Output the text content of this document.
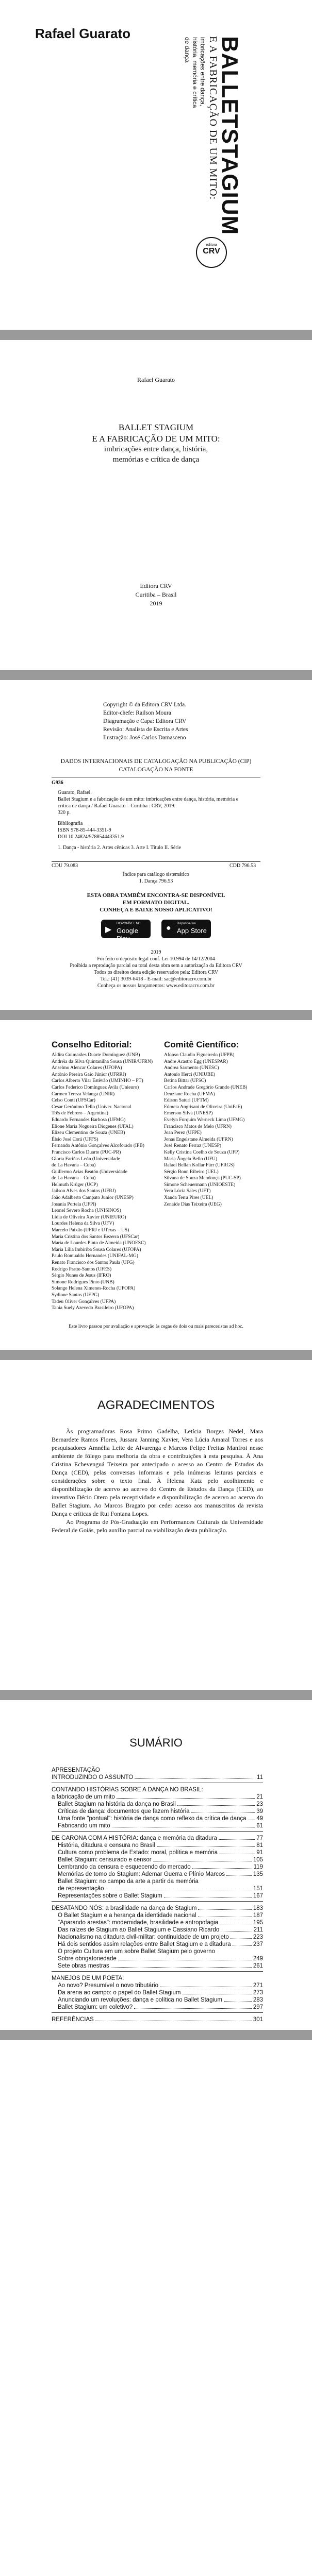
Rafael Guarato
BALLETSTAGIUM
E A FABRICAÇÃO DE UM MITO:
imbricações entre dança,
história, memória e crítica
de dança
editora
CRV
Rafael Guarato
BALLET STAGIUM
E A FABRICAÇÃO DE UM MITO:
imbricações entre dança, história,
memórias e crítica de dança
Editora CRV
Curitiba – Brasil
2019
Copyright © da Editora CRV Ltda.
Editor-chefe: Railson Moura
Diagramação e Capa: Editora CRV
Revisão: Analista de Escrita e Artes
Ilustração: José Carlos Damasceno
DADOS INTERNACIONAIS DE CATALOGAÇÃO NA PUBLICAÇÃO (CIP)
CATALOGAÇÃO NA FONTE
G936
Guarato, Rafael.
Ballet Stagium e a fabricação de um mito: imbricações entre dança, história, memória e
crítica de dança / Rafael Guarato – Curitiba : CRV, 2019.
320 p.
Bibliografia
ISBN 978-85-444-3351-9
DOI 10.24824/978854443351.9
1. Dança - história 2. Artes cênicas 3. Arte I. Título II. Série
CDU 79.083	CDD 796.53
Índice para catálogo sistemático
1. Dança 796.53
ESTA OBRA TAMBÉM ENCONTRA-SE DISPONÍVEL
EM FORMATO DIGITAL.
CONHEÇA E BAIXE NOSSO APLICATIVO!
▶
DISPONÍVEL NO
Google Play
● Disponível na
App Store
2019
Foi feito o depósito legal conf. Lei 10.994 de 14/12/2004
Proibida a reprodução parcial ou total desta obra sem a autorização da Editora CRV
Todos os direitos desta edição reservados pela: Editora CRV
Tel.: (41) 3039-6418 - E-mail: sac@editoracrv.com.br
Conheça os nossos lançamentos: www.editoracrv.com.br
Conselho Editorial:
Aldira Guimarães Duarte Domínguez (UNB)
Andréia da Silva Quintanilha Sousa (UNIR/UFRN)
Anselmo Alencar Colares (UFOPA)
Antônio Pereira Gaio Júnior (UFRRJ)
Carlos Alberto Vilar Estêvão (UMINHO – PT)
Carlos Federico Domínguez Avila (Unieuro)
Carmen Tereza Velanga (UNIR)
Celso Conti (UFSCar)
Cesar Gerónimo Tello (Univer. Nacional
Três de Febrero – Argentina)
Eduardo Fernandes Barbosa (UFMG)
Elione Maria Nogueira Diogenes (UFAL)
Elizeu Clementino de Souza (UNEB)
Élsio José Corá (UFFS)
Fernando Antônio Gonçalves Alcoforado (IPB)
Francisco Carlos Duarte (PUC-PR)
Gloria Fariñas León (Universidade
de La Havana – Cuba)
Guillermo Arias Beatón (Universidade
de La Havana – Cuba)
Helmuth Krüger (UCP)
Jailson Alves dos Santos (UFRJ)
João Adalberto Campato Junior (UNESP)
Josania Portela (UFPI)
Leonel Severo Rocha (UNISINOS)
Lídia de Oliveira Xavier (UNIEURO)
Lourdes Helena da Silva (UFV)
Marcelo Paixão (UFRJ e UTexas – US)
Maria Cristina dos Santos Bezerra (UFSCar)
Maria de Lourdes Pinto de Almeida (UNOESC)
Maria Lília Imbiriba Sousa Colares (UFOPA)
Paulo Romualdo Hernandes (UNIFAL-MG)
Renato Francisco dos Santos Paula (UFG)
Rodrigo Pratte-Santos (UFES)
Sérgio Nunes de Jesus (IFRO)
Simone Rodrigues Pinto (UNB)
Solange Helena Ximenes-Rocha (UFOPA)
Sydione Santos (UEPG)
Tadeu Oliver Gonçalves (UFPA)
Tania Suely Azevedo Brasileiro (UFOPA)
Comitê Científico:
Afonso Claudio Figueiredo (UFPB)
Andre Acastro Egg (UNESPAR)
Andrea Sarmento (UNESC)
Antonio Herci (UNIUBE)
Betina Bittar (UFSC)
Carlos Andrade Gregório Grando (UNEB)
Deuziane Rocha (UFMA)
Edison Saturi (UFTM)
Edmeia Angrisani de Oliveira (UniFaE)
Emerson Silva (UNESP)
Evelyn Furquim Werneck Lima (UFMG)
Francisco Matos de Melo (UFRN)
Joan Perez (UFPE)
Jonas Engelstane Almeida (UFRN)
José Renato Ferraz (UNESP)
Kelly Cristina Coelho de Souza (UFP)
Maria Ângela Bello (UFU)
Rafael Bellan Kollar Fürr (UFRGS)
Sérgio Bonn Ribeiro (UEL)
Silvana de Souza Mendonça (PUC-SP)
Simone Scheuermann (UNIOESTE)
Vera Lúcia Sales (UFT)
Xanda Terra Pires (UEL)
Zenaide Dias Teixeira (UEG)
Este livro passou por avaliação e aprovação às cegas de dois ou mais pareceristas ad hoc.
AGRADECIMENTOS

Às programadoras Rosa Primo Gadelha, Letícia Borges Nedel, Mara Bernardete Ramos Flores, Jussara Janning Xavier, Vera Lúcia Amaral Torres e aos pesquisadores Amnélia Leite de Alvarenga e Marcos Felipe Freitas Manfroi nesse ambiente de fôlego para melhoria da obra e contribuições à esta pesquisa. À Ana Cristina Echevenguá Teixeira por antecipado o acesso ao Centro de Estudos da Dança (CED), pelas conversas informais e pela inúmeras leituras parciais e considerações sobre o texto final. À Helena Katz pelo acolhimento e disponibilização de acervo ao acervo do Centro de Estudos da Dança (CED), ao inventivo Décio Otero pela receptividade e disponibilização de acervo ao acervo do Ballet Stagium. Ao Marcos Bragato por ceder acesso aos manuscritos da revista Dança e críticas de Rui Fontana Lopes.

Ao Programa de Pós-Graduação em Performances Culturais da Universidade Federal de Goiás, pelo auxílio parcial na viabilização desta publicação.

SUMÁRIO
APRESENTAÇÃO
INTRODUZINDO O ASSUNTO	11
CONTANDO HISTÓRIAS SOBRE A DANÇA NO BRASIL:
a fabricação de um mito	21
Ballet Stagium na história da dança no Brasil	23
Críticas de dança: documentos que fazem história	39
Uma fonte "pontual": história de dança como reflexo da crítica de dança 49
Fabricando um mito	61
DE CARONA COM A HISTÓRIA: dança e memória da ditadura	77
História, ditadura e censura no Brasil	81
Cultura como problema de Estado: moral, política e memória	91
Ballet Stagium: censurado e censor	105
Lembrando da censura e esquecendo do mercado	119
Memórias de tomo do Stagium: Ademar Guerra e Plínio Marcos	135
Ballet Stagium: no campo da arte a partir da memória
de representação	151
Representações sobre o Ballet Stagium	167
DESATANDO NÓS: a brasilidade na dança de Stagium	183
O Ballet Stagium e a herança da identidade nacional	187
"Aparando arestas": modernidade, brasilidade e antropofagia	195
Das raízes de Stagium ao Ballet Stagium e Cassiano Ricardo	211
Nacionalismo na ditadura civil-militar: continuidade de um projeto	223
Há dois sentidos assim relações entre Ballet Stagium e a ditadura	237
O projeto Cultura em um sobre Ballet Stagium pelo governo
Sobre obrigatoriedade	249
Sete obras mestras	261
MANEJOS DE UM POETA:
Ao novo? Presumível o novo tributário	271
Da arena ao campo: o papel do Ballet Stagium	273
Anunciando um revoluções: dança e política no Ballet Stagium	283
Ballet Stagium: um coletivo?	297
REFERÊNCIAS	301
